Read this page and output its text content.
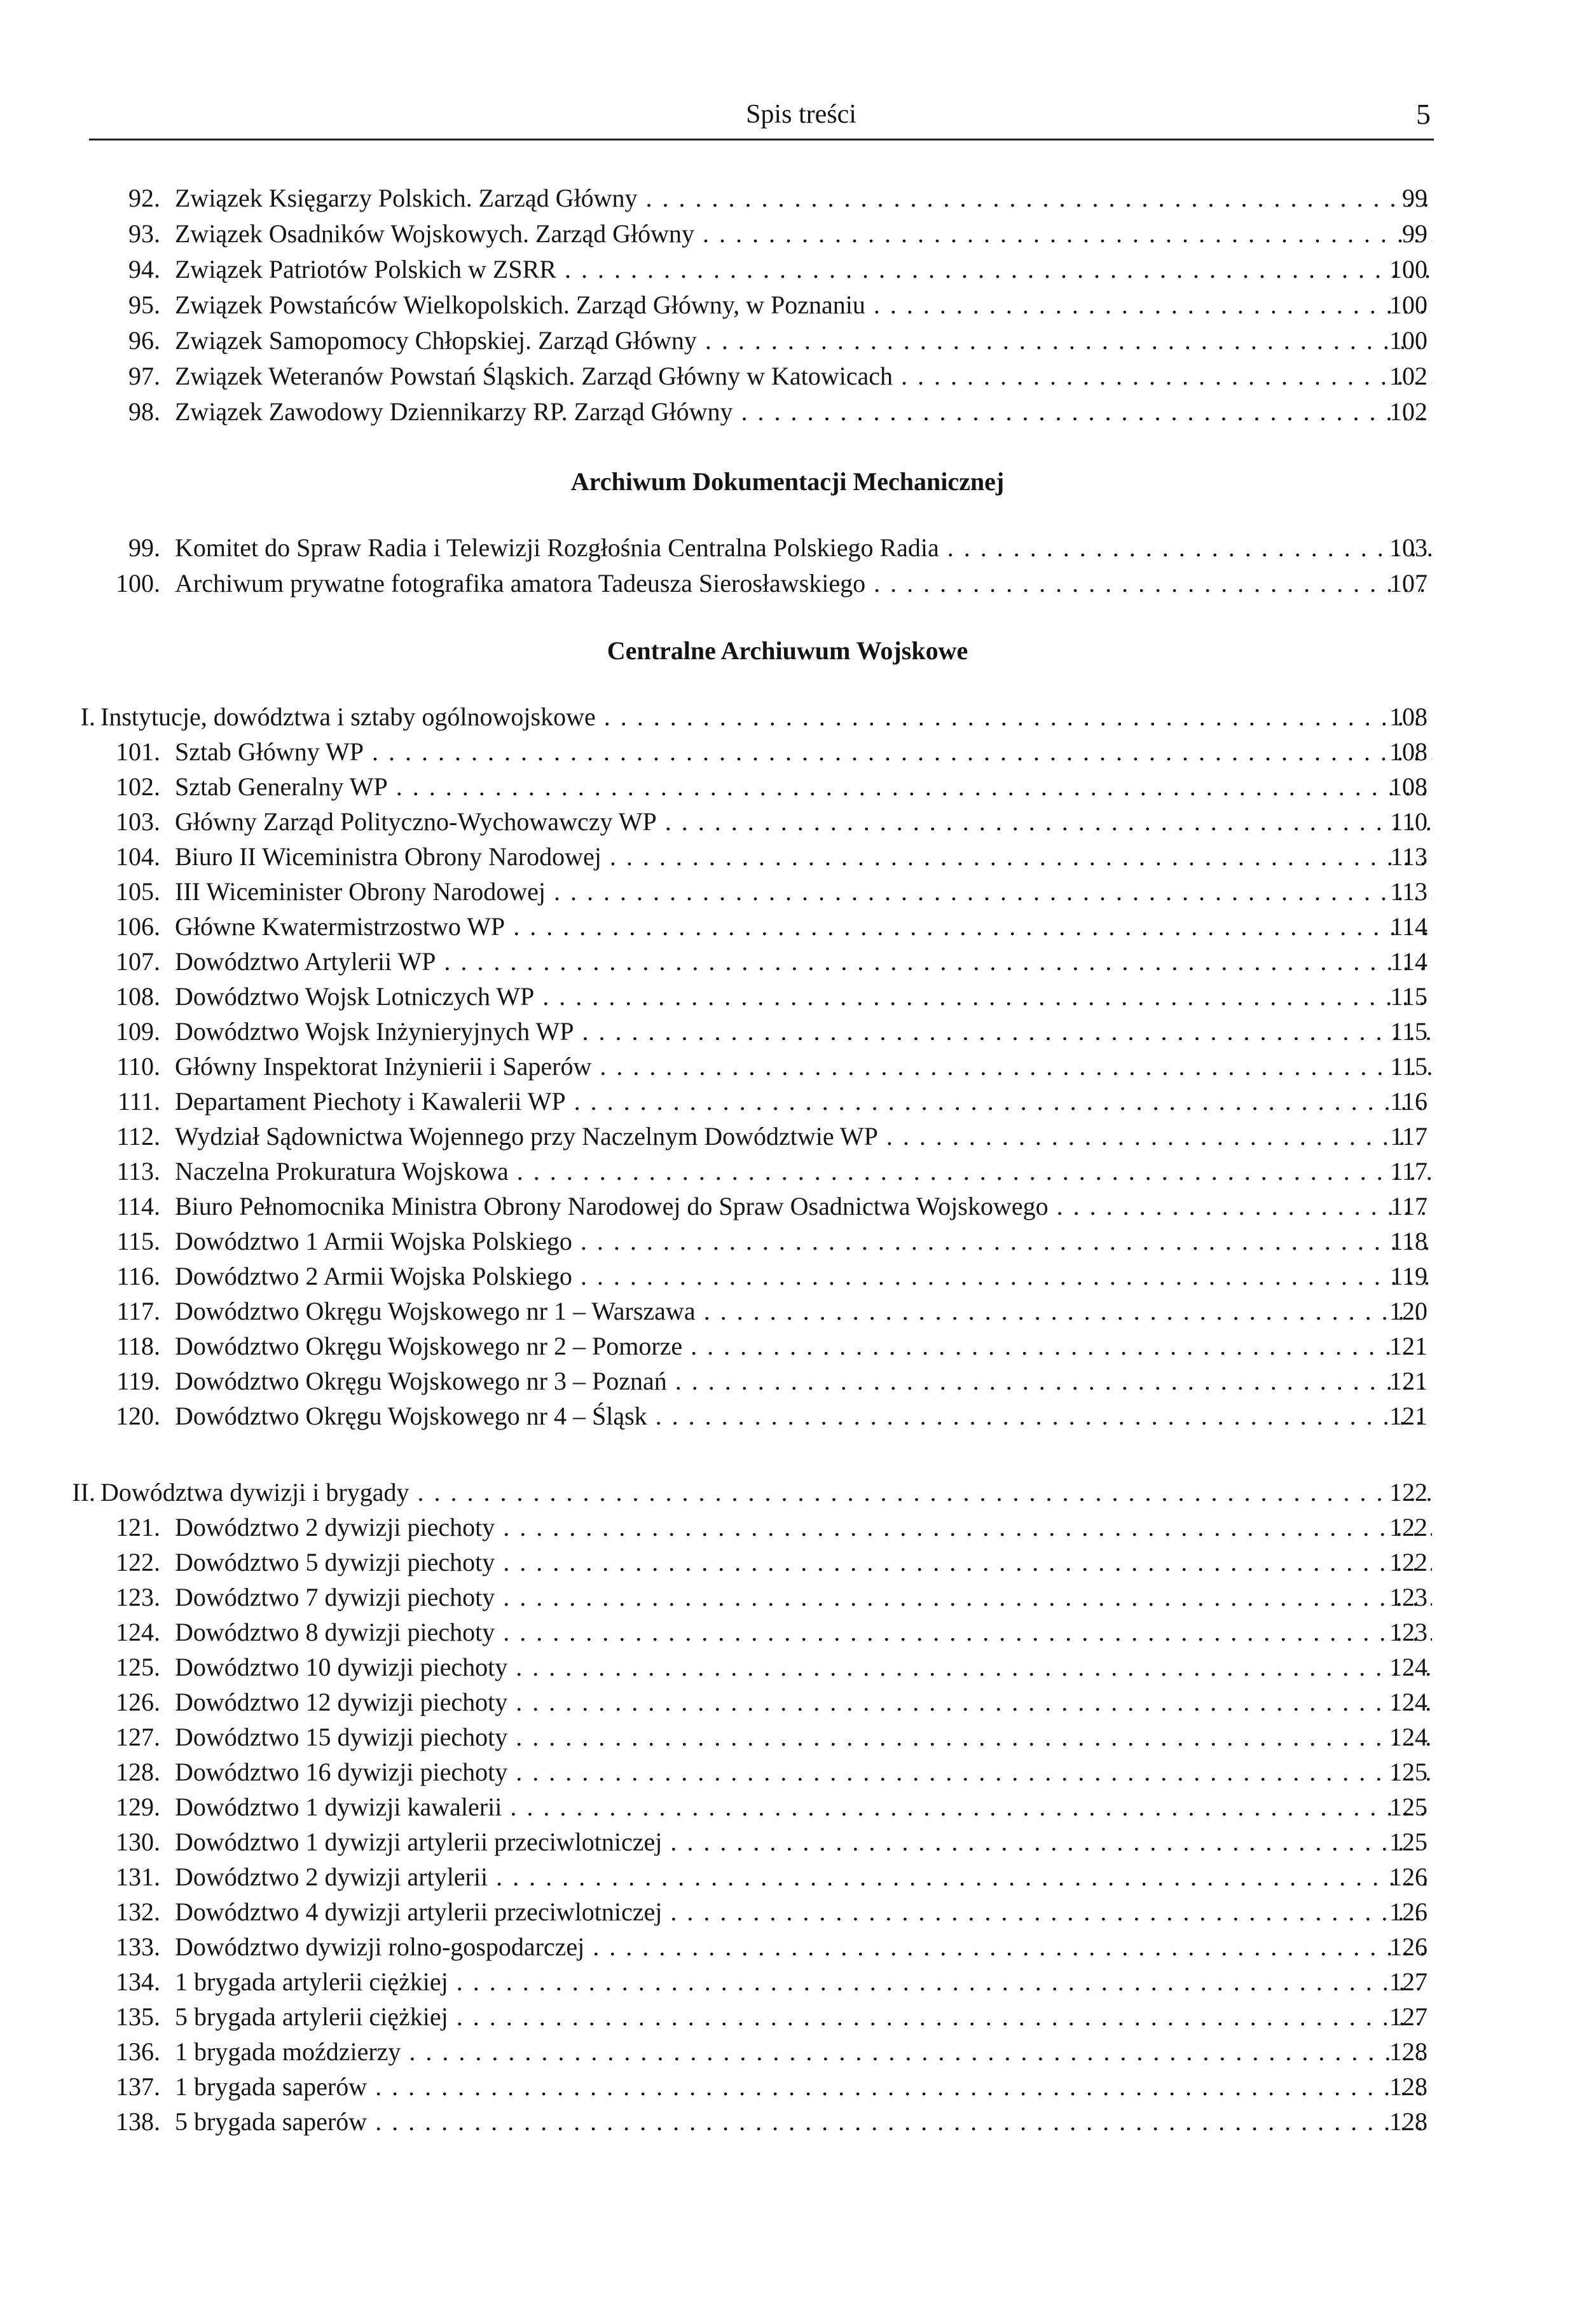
Spis treści	5
92. Związek Księgarzy Polskich. Zarząd Główny . . .	99
93. Związek Osadników Wojskowych. Zarząd Główny . . .	99
94. Związek Patriotów Polskich w ZSRR . . .	100
95. Związek Powstańców Wielkopolskich. Zarząd Główny, w Poznaniu . . .	100
96. Związek Samopomocy Chłopskiej. Zarząd Główny . . .	100
97. Związek Weteranów Powstań Śląskich. Zarząd Główny w Katowicach . . .	102
98. Związek Zawodowy Dziennikarzy RP. Zarząd Główny . . .	102
Archiwum Dokumentacji Mechanicznej
99. Komitet do Spraw Radia i Telewizji Rozgłośnia Centralna Polskiego Radia . . .	103
100. Archiwum prywatne fotografika amatora Tadeusza Sierosławskiego . . .	107
Centralne Archiuwum Wojskowe
I. Instytucje, dowództwa i sztaby ogólnowojskowe . . .	108
101. Sztab Główny WP . . .	108
102. Sztab Generalny WP . . .	108
103. Główny Zarząd Polityczno-Wychowawczy WP . . .	110
104. Biuro II Wiceministra Obrony Narodowej . . .	113
105. III Wiceminister Obrony Narodowej . . .	113
106. Główne Kwatermistrzostwo WP . . .	114
107. Dowództwo Artylerii WP . . .	114
108. Dowództwo Wojsk Lotniczych WP . . .	115
109. Dowództwo Wojsk Inżynieryjnych WP . . .	115
110. Główny Inspektorat Inżynierii i Saperów . . .	115
111. Departament Piechoty i Kawalerii WP . . .	116
112. Wydział Sądownictwa Wojennego przy Naczelnym Dowództwie WP . . .	117
113. Naczelna Prokuratura Wojskowa . . .	117
114. Biuro Pełnomocnika Ministra Obrony Narodowej do Spraw Osadnictwa Wojskowego . . .	117
115. Dowództwo 1 Armii Wojska Polskiego . . .	118
116. Dowództwo 2 Armii Wojska Polskiego . . .	119
117. Dowództwo Okręgu Wojskowego nr 1 – Warszawa . . .	120
118. Dowództwo Okręgu Wojskowego nr 2 – Pomorze . . .	121
119. Dowództwo Okręgu Wojskowego nr 3 – Poznań . . .	121
120. Dowództwo Okręgu Wojskowego nr 4 – Śląsk . . .	121
II. Dowództwa dywizji i brygady . . .	122
121. Dowództwo 2 dywizji piechoty . . .	122
122. Dowództwo 5 dywizji piechoty . . .	122
123. Dowództwo 7 dywizji piechoty . . .	123
124. Dowództwo 8 dywizji piechoty . . .	123
125. Dowództwo 10 dywizji piechoty . . .	124
126. Dowództwo 12 dywizji piechoty . . .	124
127. Dowództwo 15 dywizji piechoty . . .	124
128. Dowództwo 16 dywizji piechoty . . .	125
129. Dowództwo 1 dywizji kawalerii . . .	125
130. Dowództwo 1 dywizji artylerii przeciwlotniczej . . .	125
131. Dowództwo 2 dywizji artylerii . . .	126
132. Dowództwo 4 dywizji artylerii przeciwlotniczej . . .	126
133. Dowództwo dywizji rolno-gospodarczej . . .	126
134. 1 brygada artylerii ciężkiej . . .	127
135. 5 brygada artylerii ciężkiej . . .	127
136. 1 brygada moździerzy . . .	128
137. 1 brygada saperów . . .	128
138. 5 brygada saperów . . .	128
